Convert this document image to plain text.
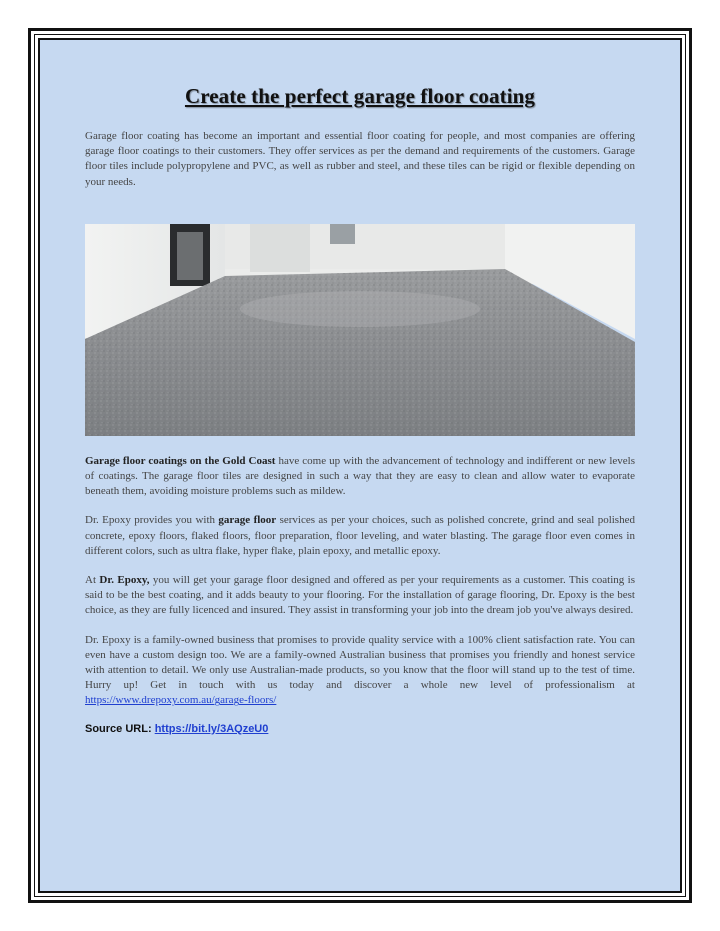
Create the perfect garage floor coating

Garage floor coating has become an important and essential floor coating for people, and most companies are offering garage floor coatings to their customers. They offer services as per the demand and requirements of the customers. Garage floor tiles include polypropylene and PVC, as well as rubber and steel, and these tiles can be rigid or flexible depending on your needs.

Garage floor coatings on the Gold Coast have come up with the advancement of technology and indifferent or new levels of coatings. The garage floor tiles are designed in such a way that they are easy to clean and allow water to evaporate beneath them, avoiding moisture problems such as mildew.

Dr. Epoxy provides you with garage floor services as per your choices, such as polished concrete, grind and seal polished concrete, epoxy floors, flaked floors, floor preparation, floor leveling, and water blasting. The garage floor even comes in different colors, such as ultra flake, hyper flake, plain epoxy, and metallic epoxy.

At Dr. Epoxy, you will get your garage floor designed and offered as per your requirements as a customer. This coating is said to be the best coating, and it adds beauty to your flooring. For the installation of garage flooring, Dr. Epoxy is the best choice, as they are fully licenced and insured. They assist in transforming your job into the dream job you've always desired.

Dr. Epoxy is a family-owned business that promises to provide quality service with a 100% client satisfaction rate. You can even have a custom design too. We are a family-owned Australian business that promises you friendly and honest service with attention to detail. We only use Australian-made products, so you know that the floor will stand up to the test of time. Hurry up! Get in touch with us today and discover a whole new level of professionalism at https://www.drepoxy.com.au/garage-floors/

Source URL: https://bit.ly/3AQzeU0
